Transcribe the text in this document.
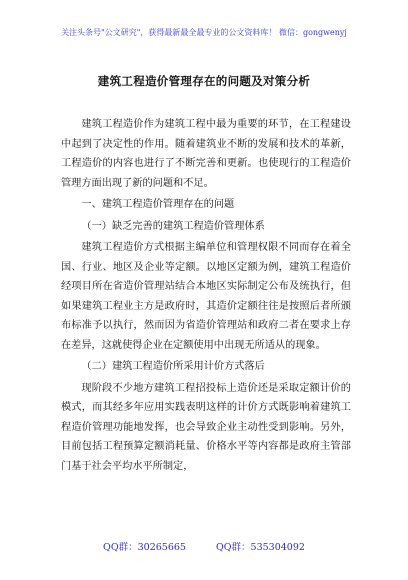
关注头条号"公文研究"，获得最新最全最专业的公文资料库！ 微信：gongwenyj
建筑工程造价管理存在的问题及对策分析

建筑工程造价作为建筑工程中最为重要的环节，在工程建设中起到了决定性的作用。随着建筑业不断的发展和技术的革新，工程造价的内容也进行了不断完善和更新。也使现行的工程造价管理方面出现了新的问题和不足。

一、建筑工程造价管理存在的问题

（一）缺乏完善的建筑工程造价管理体系

建筑工程造价方式根据主编单位和管理权限不同而存在着全国、行业、地区及企业等定额。以地区定额为例，建筑工程造价经项目所在省造价管理站结合本地区实际制定公布及统执行，但如果建筑工程业主方是政府时，其造价定额往往是按照后者所颁布标准予以执行，然而因为省造价管理站和政府二者在要求上存在差异，这就使得企业在定额使用中出现无所适从的现象。

（二）建筑工程造价所采用计价方式落后

现阶段不少地方建筑工程招投标上造价还是采取定额计价的模式，而其经多年应用实践表明这样的计价方式既影响着建筑工程造价管理功能地发挥，也会导致企业主动性受到影响。另外，目前包括工程预算定额消耗量、价格水平等内容都是政府主管部门基于社会平均水平所制定，

QQ群：30265665	QQ群：535304092
